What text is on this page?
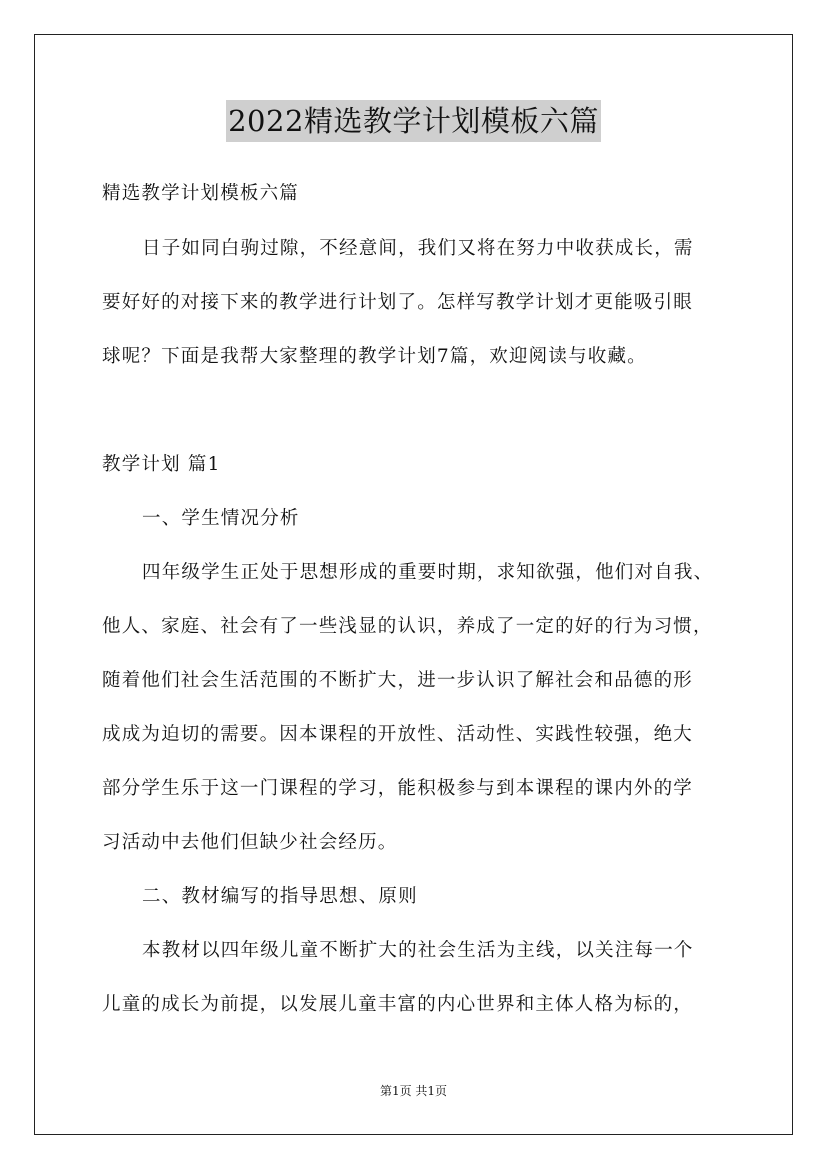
2022精选教学计划模板六篇
精选教学计划模板六篇
日子如同白驹过隙，不经意间，我们又将在努力中收获成长，需
要好好的对接下来的教学进行计划了。怎样写教学计划才更能吸引眼
球呢？下面是我帮大家整理的教学计划7篇，欢迎阅读与收藏。
教学计划 篇1
一、学生情况分析
四年级学生正处于思想形成的重要时期，求知欲强，他们对自我、
他人、家庭、社会有了一些浅显的认识，养成了一定的好的行为习惯，
随着他们社会生活范围的不断扩大，进一步认识了解社会和品德的形
成成为迫切的需要。因本课程的开放性、活动性、实践性较强，绝大
部分学生乐于这一门课程的学习，能积极参与到本课程的课内外的学
习活动中去他们但缺少社会经历。
二、教材编写的指导思想、原则
本教材以四年级儿童不断扩大的社会生活为主线，以关注每一个
儿童的成长为前提，以发展儿童丰富的内心世界和主体人格为标的，
第1页 共1页
